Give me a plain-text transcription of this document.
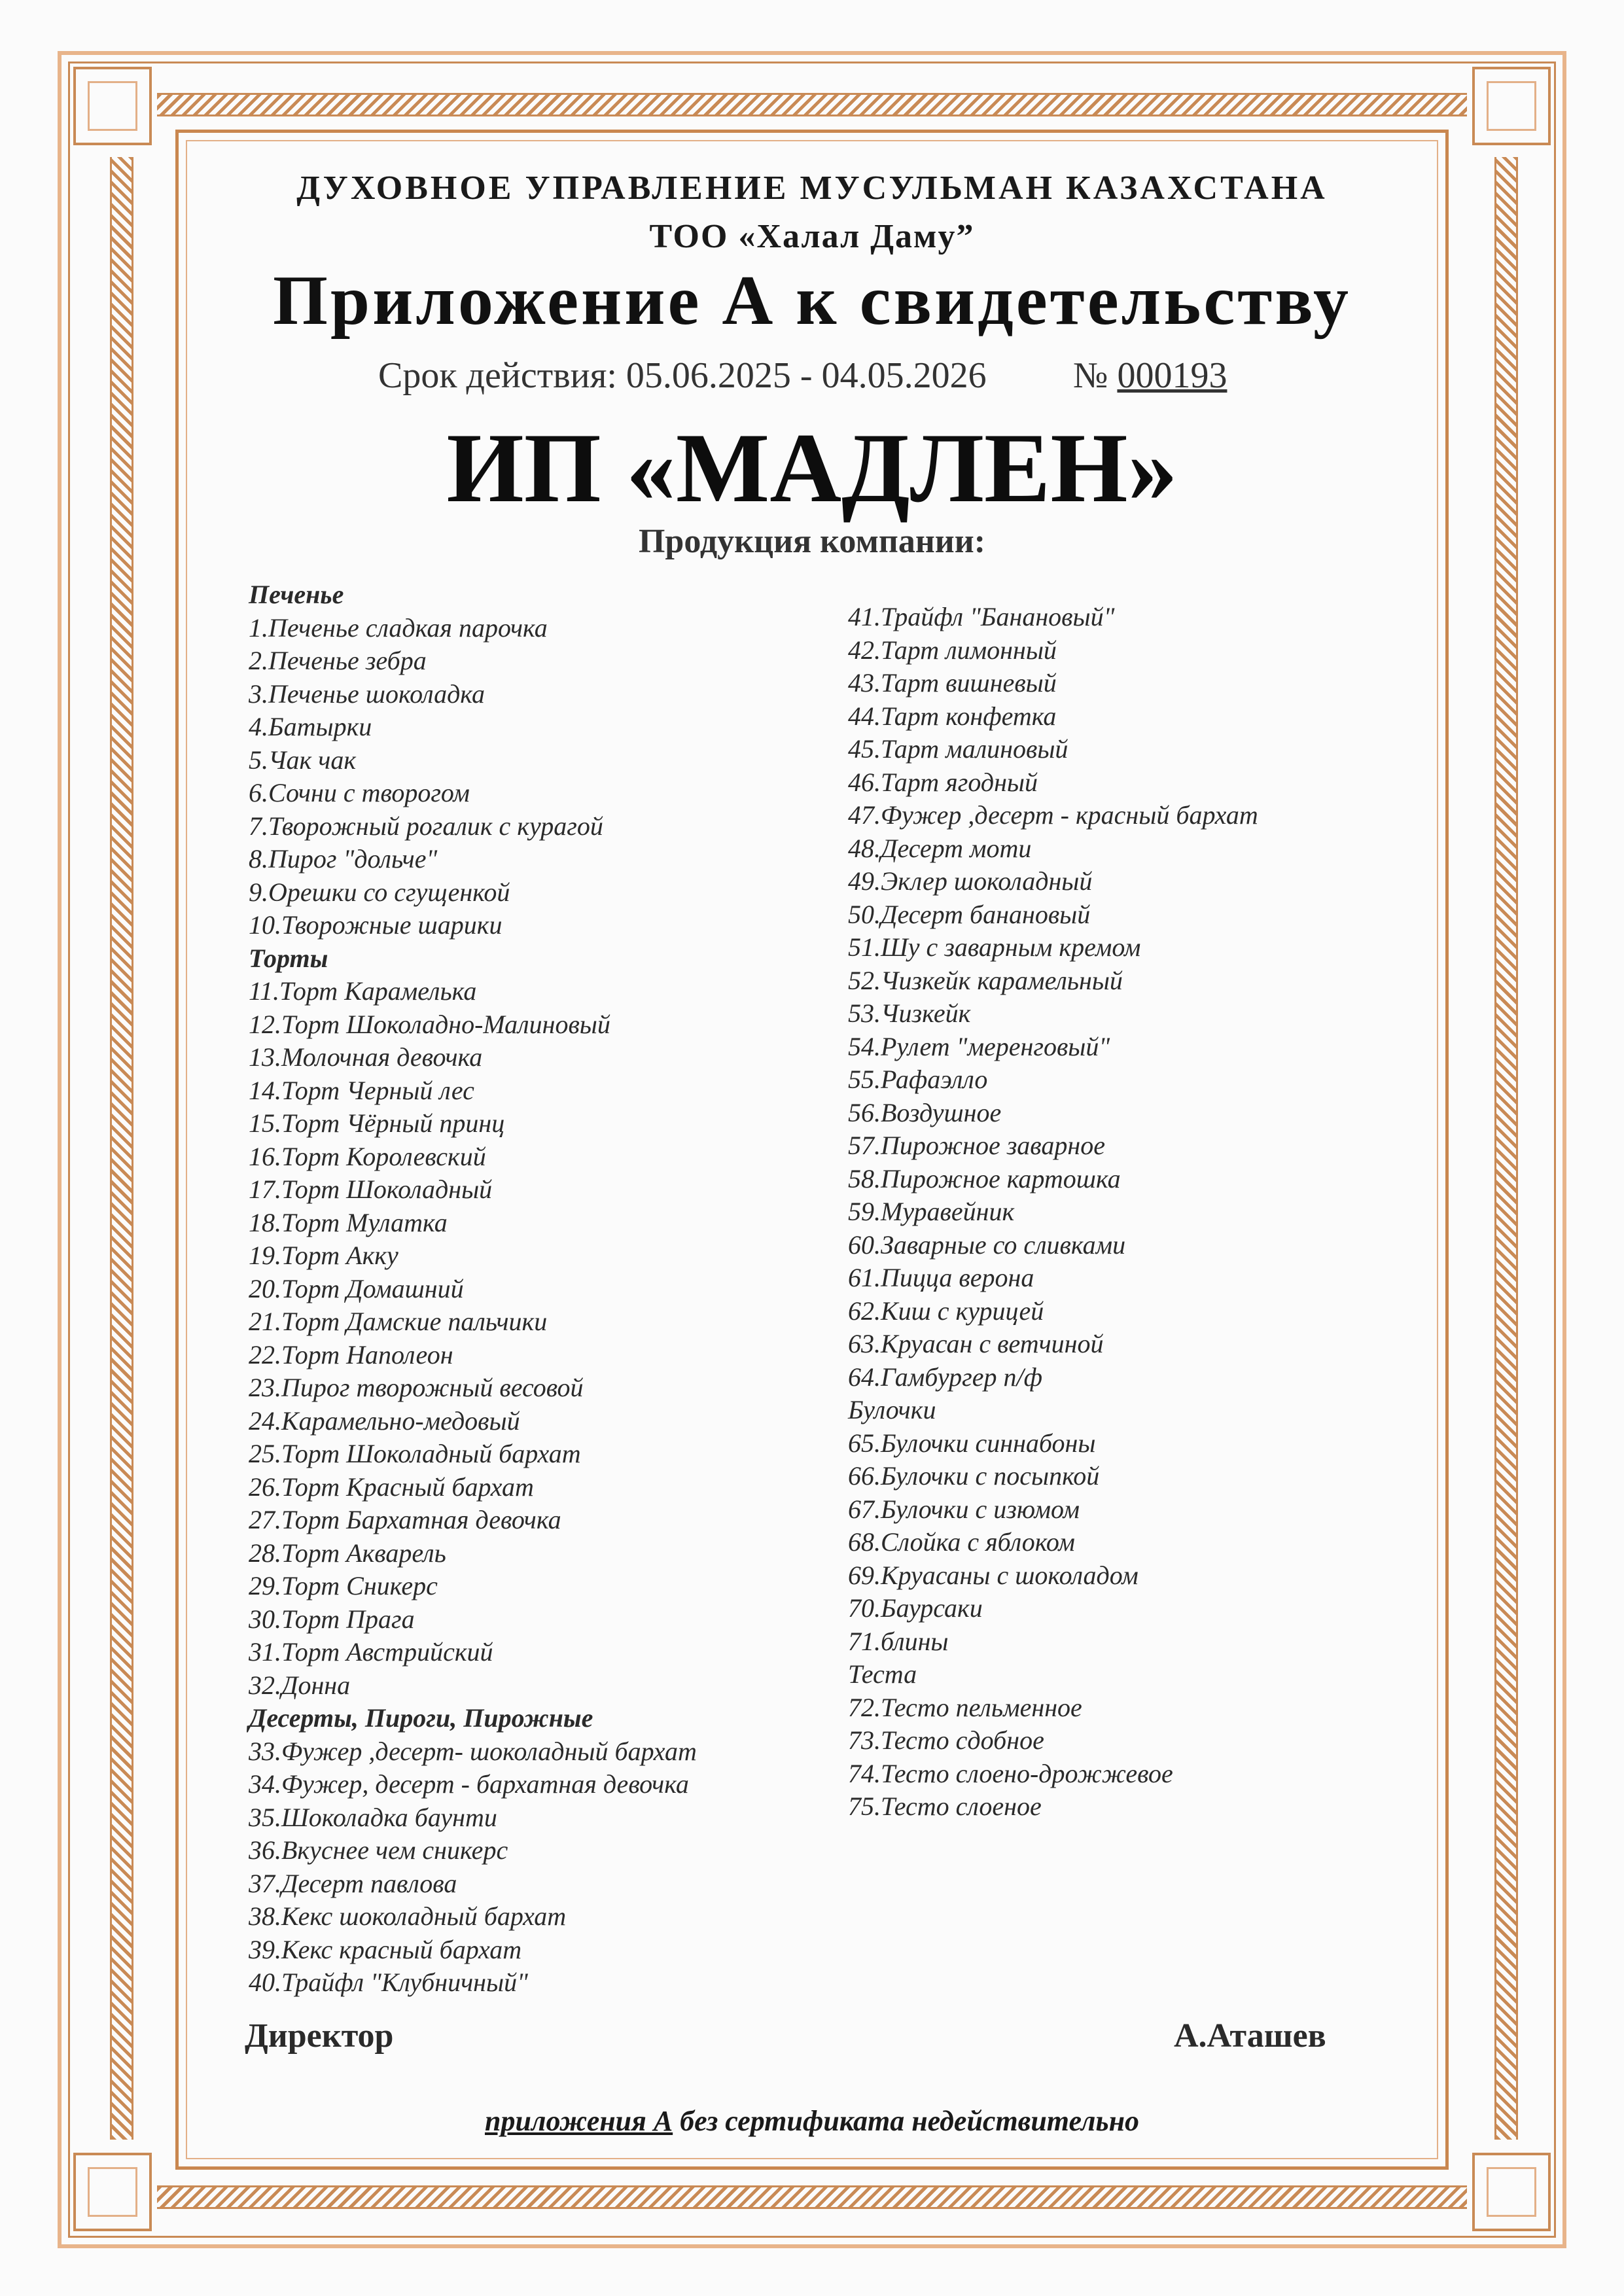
ДУХОВНОЕ УПРАВЛЕНИЕ МУСУЛЬМАН КАЗАХСТАНА
ТОО «Халал Даму”
Приложение А к свидетельству
Срок действия: 05.06.2025 - 04.05.2026 № 000193
ИП «МАДЛЕН»
Продукция компании:
Печенье
1.Печенье сладкая парочка
2.Печенье зебра
3.Печенье шоколадка
4.Батырки
5.Чак чак
6.Сочни с творогом
7.Творожный рогалик с курагой
8.Пирог "дольче"
9.Орешки со сгущенкой
10.Творожные шарики
Торты
11.Торт Карамелька
12.Торт Шоколадно-Малиновый
13.Молочная девочка
14.Торт Черный лес
15.Торт Чёрный принц
16.Торт Королевский
17.Торт Шоколадный
18.Торт Мулатка
19.Торт Акку
20.Торт Домашний
21.Торт Дамские пальчики
22.Торт Наполеон
23.Пирог творожный весовой
24.Карамельно-медовый
25.Торт Шоколадный бархат
26.Торт Красный бархат
27.Торт Бархатная девочка
28.Торт Акварель
29.Торт Сникерс
30.Торт Прага
31.Торт Австрийский
32.Донна
Десерты, Пироги, Пирожные
33.Фужер ,десерт- шоколадный бархат
34.Фужер, десерт - бархатная девочка
35.Шоколадка баунти
36.Вкуснее чем сникерс
37.Десерт павлова
38.Кекс шоколадный бархат
39.Кекс красный бархат
40.Трайфл "Клубничный"
41.Трайфл "Банановый"
42.Тарт лимонный
43.Тарт вишневый
44.Тарт конфетка
45.Тарт малиновый
46.Тарт ягодный
47.Фужер ,десерт - красный бархат
48.Десерт моти
49.Эклер шоколадный
50.Десерт банановый
51.Шу с заварным кремом
52.Чизкейк карамельный
53.Чизкейк
54.Рулет "меренговый"
55.Рафаэлло
56.Воздушное
57.Пирожное заварное
58.Пирожное картошка
59.Муравейник
60.Заварные со сливками
61.Пицца верона
62.Киш с курицей
63.Круасан с ветчиной
64.Гамбургер п/ф
Булочки
65.Булочки синнабоны
66.Булочки с посыпкой
67.Булочки с изюмом
68.Слойка с яблоком
69.Круасаны с шоколадом
70.Баурсаки
71.блины
Теста
72.Тесто пельменное
73.Тесто сдобное
74.Тесто слоено-дрожжевое
75.Тесто слоеное
Директор	А.Аташев
приложения А без сертификата недействительно
